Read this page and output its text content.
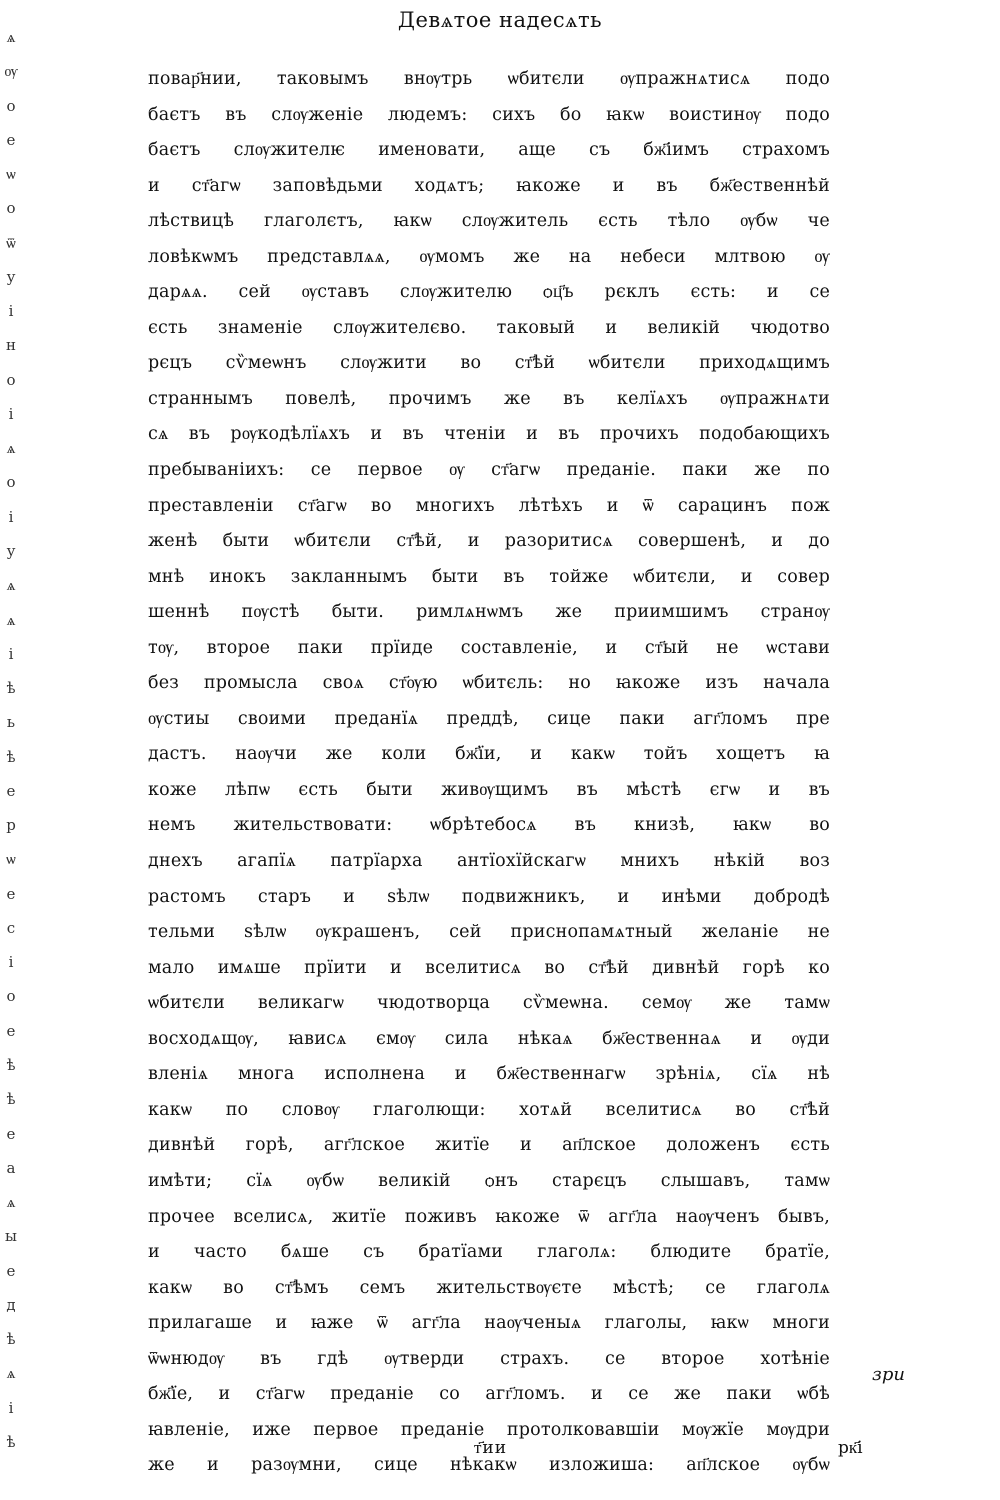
ѧ
ѹ
о
е
ѡ
о
ѿ
у
і
н
о
і
ѧ
о
і
у
ѧ
ѧ
і
ѣ
ь
ѣ
е
р
ѡ
е
с
і
о
е
ѣ
ѣ
е
а
ѧ
ы
е
д
ѣ
ѧ
і
ѣ
Девѧтое надесѧть
повар҃нии, таковымъ внѹтрь ѡбитєли ѹпражнѧтисѧ подо
баєтъ въ слѹженіе людемъ: сихъ бо ꙗкѡ воистинѹ подо
баєтъ слѹжителѥ именовати, аще съ бж҃іимъ страхомъ
и ст҃агѡ заповѣдьми ходѧтъ; ꙗкоже и въ бж҃ественнѣй
лѣствицѣ глаголєтъ, ꙗкѡ слѹжитель єсть тѣло ѹбѡ че
ловѣкѡмъ представлѧѧ, ѹмомъ же на небеси млтвою ѹ
дарѧѧ. сей ѹставъ слѹжителю ѻц҃ъ рєклъ єсть: и се
єсть знаменіе слѹжителєво. таковый и великій чюдотво
рєцъ сѷмеѡнъ слѹжити во ст҃ѣй ѡбитєли приходѧщимъ
страннымъ повелѣ, прочимъ же въ келїѧхъ ѹпражнѧти
сѧ въ рѹкодѣлїѧхъ и въ чтеніи и въ прочихъ подобающихъ
пребываніихъ: се первое ѹ ст҃агѡ преданіе. паки же по
преставленіи ст҃агѡ во многихъ лѣтѣхъ и ѿ сарацинъ пож
женѣ быти ѡбитєли ст҃ѣй, и разоритисѧ совершенѣ, и до
мнѣ инокъ закланнымъ быти въ тойже ѡбитєли, и совер
шеннѣ пѹстѣ быти. римлѧнѡмъ же приимшимъ странѹ
тѹ, второе паки прїиде составленіе, и ст҃ый не ѡстави
без промысла своѧ ст҃ѹю ѡбитєль: но ꙗкоже изъ начала
ѹстиы своими преданїѧ преддѣ, сице паки агг҃ломъ пре
дастъ. наѹчи же коли бж҃їи, и какѡ тойъ хощетъ ꙗ
коже лѣпѡ єсть быти живѹщимъ въ мѣстѣ єгѡ и въ
немъ жительствовати: ѡбрѣтебосѧ въ книзѣ, ꙗкѡ во
днехъ агапїѧ патрїарха антїохїйскагѡ мнихъ нѣкій воз
растомъ старъ и ѕѣлѡ подвижникъ, и инѣми добродѣ
тельми ѕѣлѡ ѹкрашенъ, сей приснопамѧтный желаніе не
мало имѧше прїити и вселитисѧ во ст҃ѣй дивнѣй горѣ ко
ѡбитєли великагѡ чюдотворца сѷмеѡна. семѹ же тамѡ
восходѧщѹ, ꙗвисѧ ємѹ сила нѣкаѧ бж҃ественнаѧ и ѹди
вленіѧ многа исполнена и бж҃ественнагѡ зрѣніѧ, сїѧ нѣ
какѡ по словѹ глаголющи: хотѧй вселитисѧ во ст҃ѣй
дивнѣй горѣ, агг҃лское житїе и ап҃лское доложенъ єсть
имѣти; сїѧ ѹбѡ великій ѻнъ старєцъ слышавъ, тамѡ
прочее вселисѧ, житїе поживъ ꙗкоже ѿ агг҃ла наѹченъ бывъ,
и часто бѧше съ братїами глаголѧ: блюдите братїе,
какѡ во ст҃ѣмъ семъ жительствѹєте мѣстѣ; се глаголѧ
прилагаше и ꙗже ѿ агг҃ла наѹченыѧ глаголы, ꙗкѡ многи
ѿѡнюдѹ въ гдѣ ѹтверди страхъ. се второе хотѣніе
бж҃їе, и ст҃агѡ преданіе со агг҃ломъ. и се же паки ѡбѣ
ꙗвленіе, иже первое преданіе протолковавшіи мѹжїе мѹдри
же и разѹмни, сице нѣкакѡ изложиша: ап҃лское ѹбѡ
зри
т҃ии	рк҃і
